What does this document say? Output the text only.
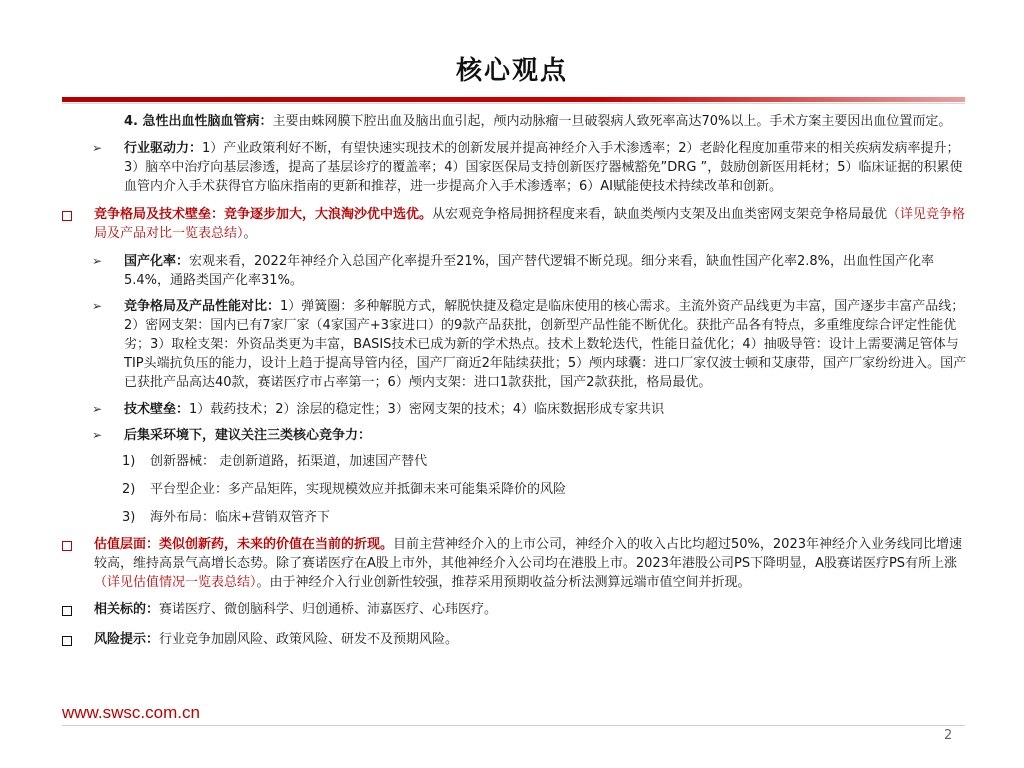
核心观点
4. 急性出血性脑血管病：主要由蛛网膜下腔出血及脑出血引起，颅内动脉瘤一旦破裂病人致死率高达70%以上。手术方案主要因出血位置而定。
➢ 行业驱动力：1）产业政策利好不断，有望快速实现技术的创新发展并提高神经介入手术渗透率；2）老龄化程度加重带来的相关疾病发病率提升；3）脑卒中治疗向基层渗透，提高了基层诊疗的覆盖率；4）国家医保局支持创新医疗器械豁免”DRG ”，鼓励创新医用耗材；5）临床证据的积累使血管内介入手术获得官方临床指南的更新和推荐，进一步提高介入手术渗透率；6）AI赋能使技术持续改革和创新。
竞争格局及技术壁垒：竞争逐步加大，大浪淘沙优中选优。从宏观竞争格局拥挤程度来看，缺血类颅内支架及出血类密网支架竞争格局最优（详见竞争格局及产品对比一览表总结）。
➢ 国产化率：宏观来看，2022年神经介入总国产化率提升至21%，国产替代逻辑不断兑现。细分来看，缺血性国产化率2.8%，出血性国产化率5.4%，通路类国产化率31%。
➢ 竞争格局及产品性能对比：1）弹簧圈：多种解脱方式，解脱快捷及稳定是临床使用的核心需求。主流外资产品线更为丰富，国产逐步丰富产品线；2）密网支架：国内已有7家厂家（4家国产+3家进口）的9款产品获批，创新型产品性能不断优化。获批产品各有特点，多重维度综合评定性能优劣；3）取栓支架：外资品类更为丰富，BASIS技术已成为新的学术热点。技术上数轮迭代，性能日益优化；4）抽吸导管：设计上需要满足管体与TIP头端抗负压的能力，设计上趋于提高导管内径，国产厂商近2年陆续获批；5）颅内球囊：进口厂家仅波士顿和艾康带，国产厂家纷纷进入。国产已获批产品高达40款，赛诺医疗市占率第一；6）颅内支架：进口1款获批，国产2款获批，格局最优。
➢ 技术壁垒：1）载药技术；2）涂层的稳定性；3）密网支架的技术；4）临床数据形成专家共识
➢ 后集采环境下，建议关注三类核心竞争力：
1) 创新器械： 走创新道路，拓渠道，加速国产替代
2) 平台型企业：多产品矩阵，实现规模效应并抵御未来可能集采降价的风险
3) 海外布局：临床+营销双管齐下
估值层面：类似创新药，未来的价值在当前的折现。目前主营神经介入的上市公司，神经介入的收入占比均超过50%，2023年神经介入业务线同比增速较高，维持高景气高增长态势。除了赛诺医疗在A股上市外，其他神经介入公司均在港股上市。2023年港股公司PS下降明显，A股赛诺医疗PS有所上涨（详见估值情况一览表总结）。由于神经介入行业创新性较强，推荐采用预期收益分析法测算远端市值空间并折现。
相关标的：赛诺医疗、微创脑科学、归创通桥、沛嘉医疗、心玮医疗。
风险提示：行业竞争加剧风险、政策风险、研发不及预期风险。
www.swsc.com.cn
2
